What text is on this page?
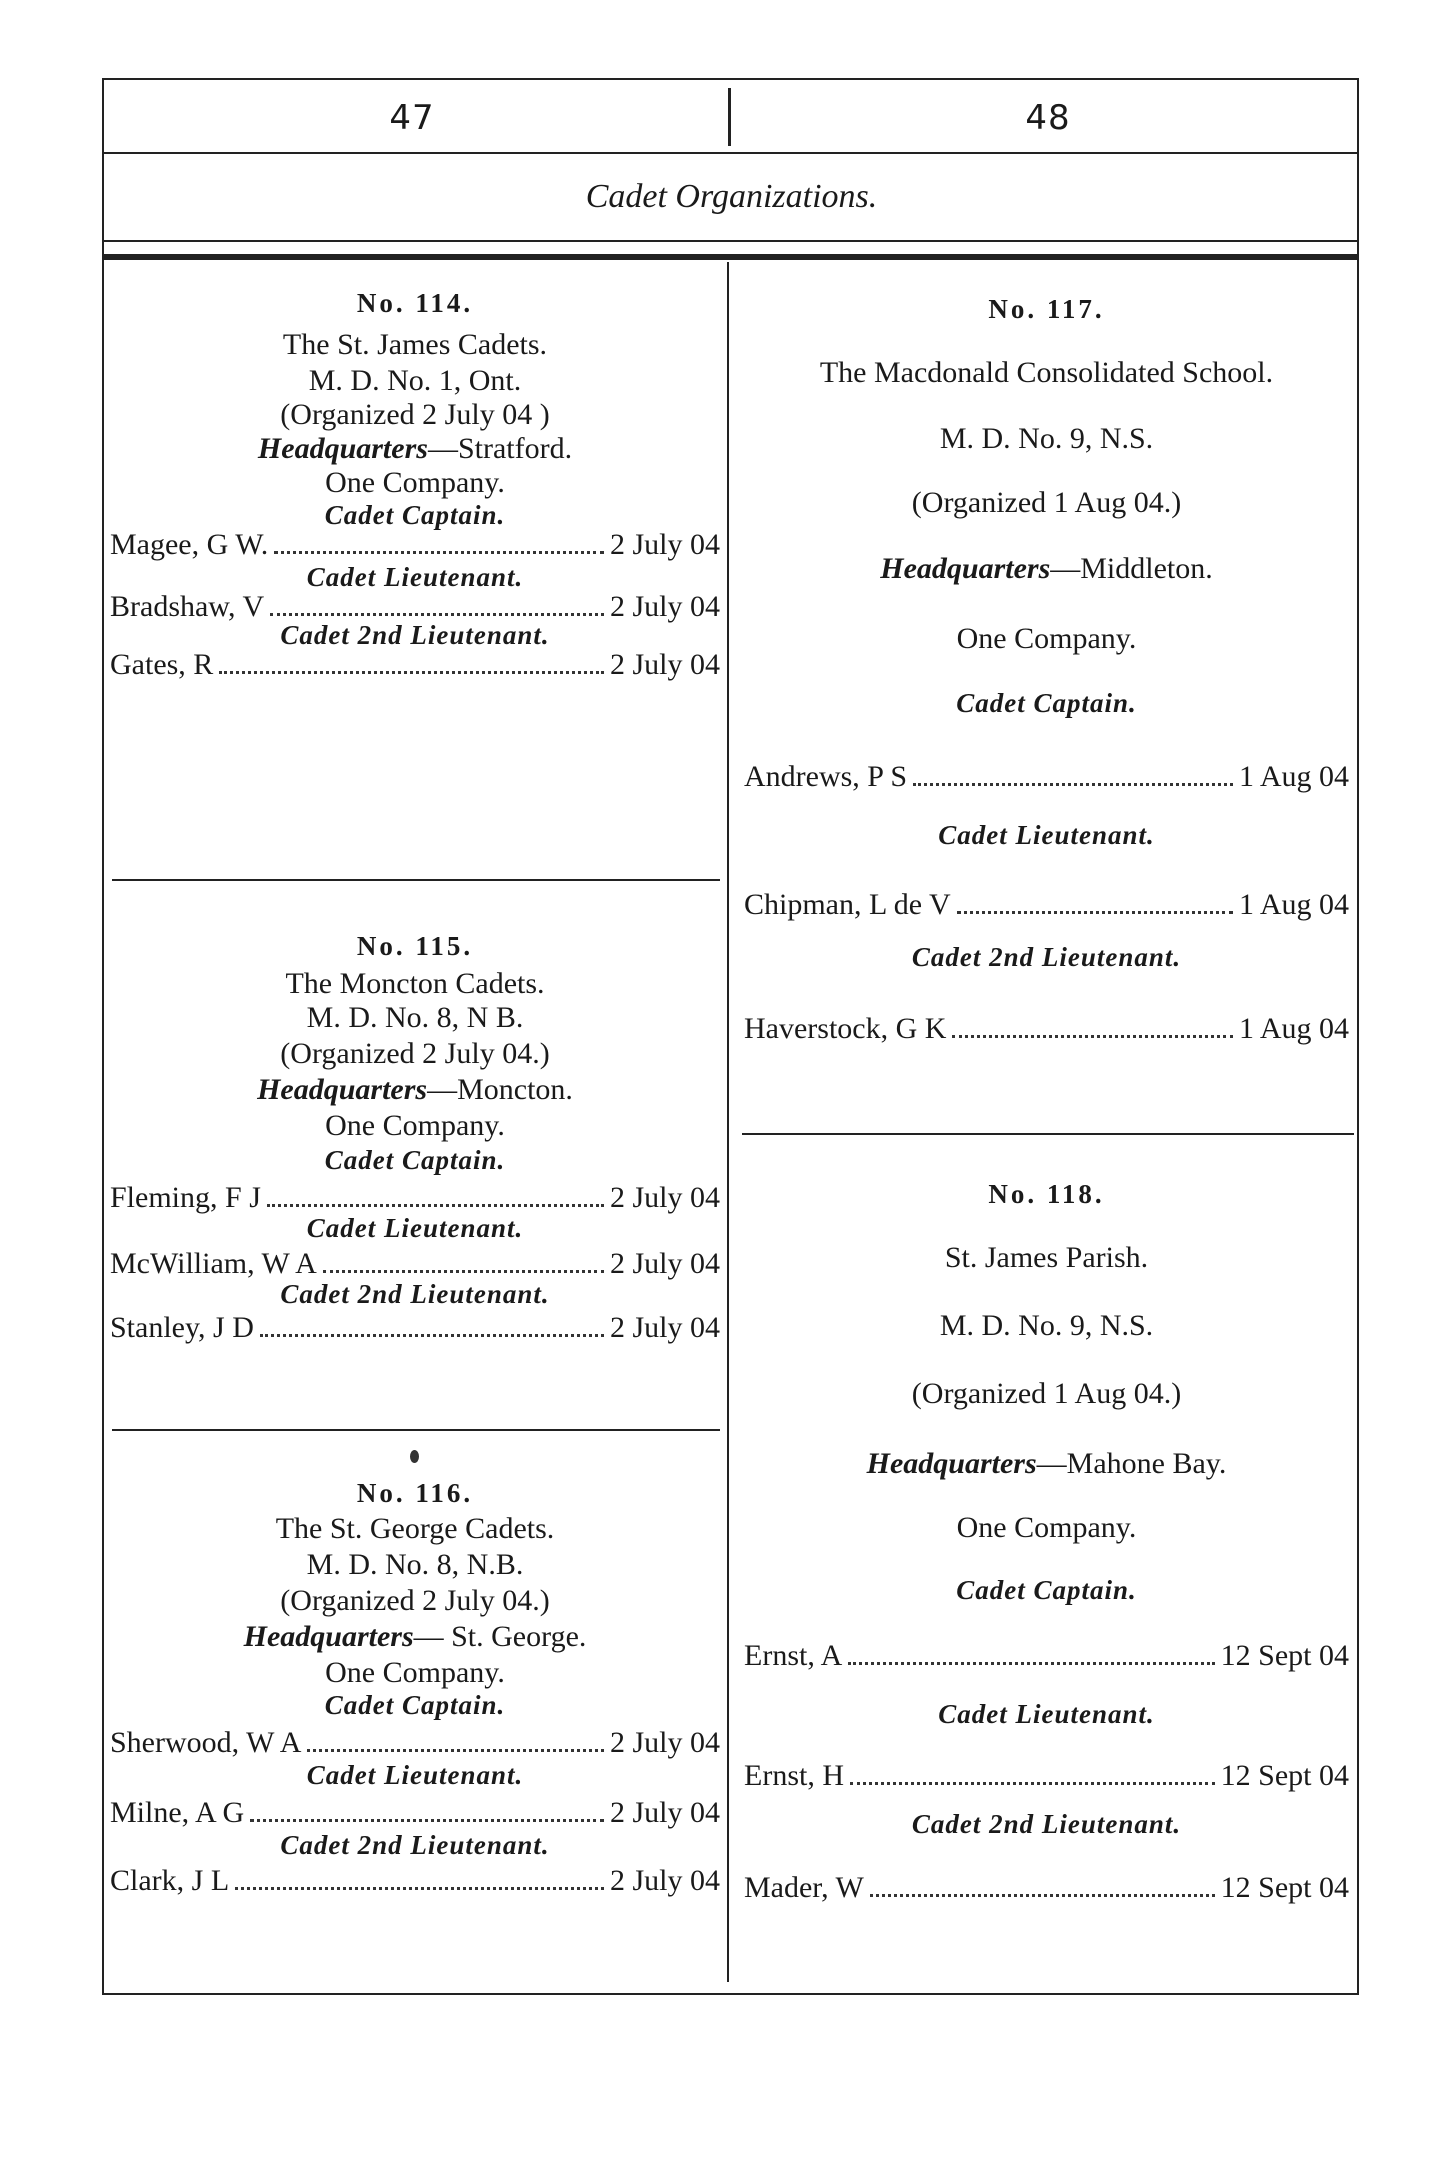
47	48
Cadet Organizations.
No. 114.
The St. James Cadets.
M. D. No. 1, Ont.
(Organized 2 July 04 )
Headquarters—Stratford.
One Company.
Cadet Captain.
Magee, G W.	2 July 04
Cadet Lieutenant.
Bradshaw, V	2 July 04
Cadet 2nd Lieutenant.
Gates, R	2 July 04
No. 115.
The Moncton Cadets.
M. D. No. 8, N B.
(Organized 2 July 04.)
Headquarters—Moncton.
One Company.
Cadet Captain.
Fleming, F J	2 July 04
Cadet Lieutenant.
McWilliam, W A	2 July 04
Cadet 2nd Lieutenant.
Stanley, J D	2 July 04
No. 116.
The St. George Cadets.
M. D. No. 8, N.B.
(Organized 2 July 04.)
Headquarters— St. George.
One Company.
Cadet Captain.
Sherwood, W A	2 July 04
Cadet Lieutenant.
Milne, A G	2 July 04
Cadet 2nd Lieutenant.
Clark, J L	2 July 04
No. 117.
The Macdonald Consolidated School.
M. D. No. 9, N.S.
(Organized 1 Aug 04.)
Headquarters—Middleton.
One Company.
Cadet Captain.
Andrews, P S	1 Aug 04
Cadet Lieutenant.
Chipman, L de V	1 Aug 04
Cadet 2nd Lieutenant.
Haverstock, G K	1 Aug 04
No. 118.
St. James Parish.
M. D. No. 9, N.S.
(Organized 1 Aug 04.)
Headquarters—Mahone Bay.
One Company.
Cadet Captain.
Ernst, A	12 Sept 04
Cadet Lieutenant.
Ernst, H	12 Sept 04
Cadet 2nd Lieutenant.
Mader, W	12 Sept 04
